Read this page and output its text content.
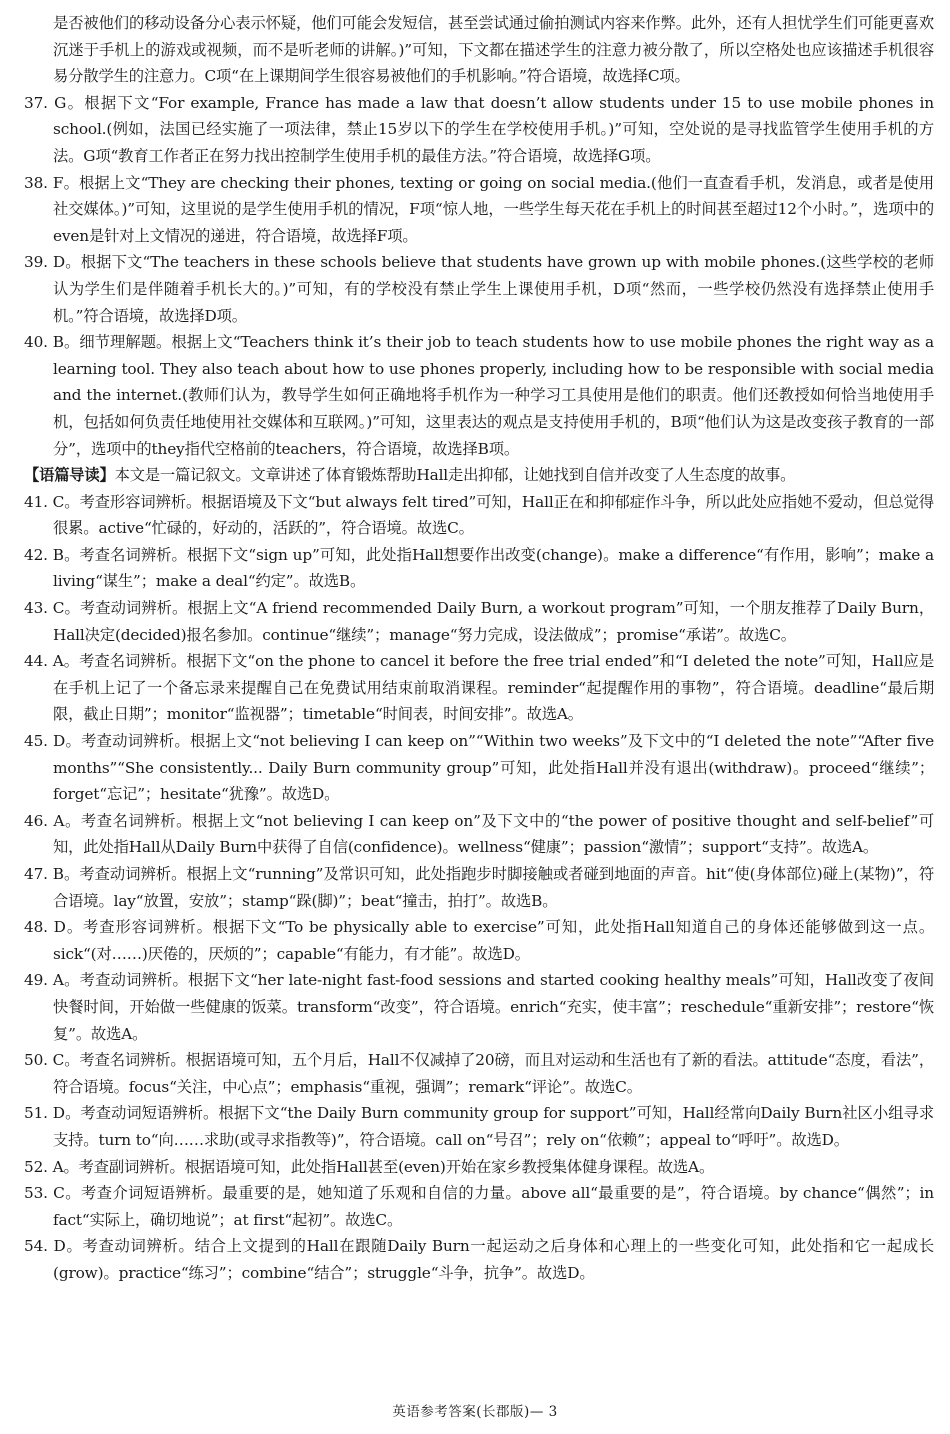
是否被他们的移动设备分心表示怀疑，他们可能会发短信，甚至尝试通过偷拍测试内容来作弊。此外，还有人担忧学生们可能更喜欢沉迷于手机上的游戏或视频，而不是听老师的讲解。)”可知，下文都在描述学生的注意力被分散了，所以空格处也应该描述手机很容易分散学生的注意力。C项“在上课期间学生很容易被他们的手机影响。”符合语境，故选择C项。
37. G。根据下文“For example, France has made a law that doesn’t allow students under 15 to use mobile phones in school.(例如，法国已经实施了一项法律，禁止15岁以下的学生在学校使用手机。)”可知，空处说的是寻找监管学生使用手机的方法。G项“教育工作者正在努力找出控制学生使用手机的最佳方法。”符合语境，故选择G项。
38. F。根据上文“They are checking their phones, texting or going on social media.(他们一直查看手机，发消息，或者是使用社交媒体。)”可知，这里说的是学生使用手机的情况，F项“惊人地，一些学生每天花在手机上的时间甚至超过12个小时。”，选项中的even是针对上文情况的递进，符合语境，故选择F项。
39. D。根据下文“The teachers in these schools believe that students have grown up with mobile phones.(这些学校的老师认为学生们是伴随着手机长大的。)”可知，有的学校没有禁止学生上课使用手机，D项“然而，一些学校仍然没有选择禁止使用手机。”符合语境，故选择D项。
40. B。细节理解题。根据上文“Teachers think it’s their job to teach students how to use mobile phones the right way as a learning tool. They also teach about how to use phones properly, including how to be responsible with social media and the internet.(教师们认为，教导学生如何正确地将手机作为一种学习工具使用是他们的职责。他们还教授如何恰当地使用手机，包括如何负责任地使用社交媒体和互联网。)”可知，这里表达的观点是支持使用手机的，B项“他们认为这是改变孩子教育的一部分”，选项中的they指代空格前的teachers，符合语境，故选择B项。
【语篇导读】本文是一篇记叙文。文章讲述了体育锻炼帮助Hall走出抑郁，让她找到自信并改变了人生态度的故事。
41. C。考查形容词辨析。根据语境及下文“but always felt tired”可知，Hall正在和抑郁症作斗争，所以此处应指她不爱动，但总觉得很累。active“忙碌的，好动的，活跃的”，符合语境。故选C。
42. B。考查名词辨析。根据下文“sign up”可知，此处指Hall想要作出改变(change)。make a difference“有作用，影响”；make a living“谋生”；make a deal“约定”。故选B。
43. C。考查动词辨析。根据上文“A friend recommended Daily Burn, a workout program”可知，一个朋友推荐了Daily Burn，Hall决定(decided)报名参加。continue“继续”；manage“努力完成，设法做成”；promise“承诺”。故选C。
44. A。考查名词辨析。根据下文“on the phone to cancel it before the free trial ended”和“I deleted the note”可知，Hall应是在手机上记了一个备忘录来提醒自己在免费试用结束前取消课程。reminder“起提醒作用的事物”，符合语境。deadline“最后期限，截止日期”；monitor“监视器”；timetable“时间表，时间安排”。故选A。
45. D。考查动词辨析。根据上文“not believing I can keep on”“Within two weeks”及下文中的“I deleted the note”“After five months”“She consistently... Daily Burn community group”可知，此处指Hall并没有退出(withdraw)。proceed“继续”；forget“忘记”；hesitate“犹豫”。故选D。
46. A。考查名词辨析。根据上文“not believing I can keep on”及下文中的“the power of positive thought and self-belief”可知，此处指Hall从Daily Burn中获得了自信(confidence)。wellness“健康”；passion“激情”；support“支持”。故选A。
47. B。考查动词辨析。根据上文“running”及常识可知，此处指跑步时脚接触或者碰到地面的声音。hit“使(身体部位)碰上(某物)”，符合语境。lay“放置，安放”；stamp“跺(脚)”；beat“撞击，拍打”。故选B。
48. D。考查形容词辨析。根据下文“To be physically able to exercise”可知，此处指Hall知道自己的身体还能够做到这一点。sick“(对……)厌倦的，厌烦的”；capable“有能力，有才能”。故选D。
49. A。考查动词辨析。根据下文“her late-night fast-food sessions and started cooking healthy meals”可知，Hall改变了夜间快餐时间，开始做一些健康的饭菜。transform“改变”，符合语境。enrich“充实，使丰富”；reschedule“重新安排”；restore“恢复”。故选A。
50. C。考查名词辨析。根据语境可知，五个月后，Hall不仅减掉了20磅，而且对运动和生活也有了新的看法。attitude“态度，看法”，符合语境。focus“关注，中心点”；emphasis“重视，强调”；remark“评论”。故选C。
51. D。考查动词短语辨析。根据下文“the Daily Burn community group for support”可知，Hall经常向Daily Burn社区小组寻求支持。turn to“向……求助(或寻求指教等)”，符合语境。call on“号召”；rely on“依赖”；appeal to“呼吁”。故选D。
52. A。考查副词辨析。根据语境可知，此处指Hall甚至(even)开始在家乡教授集体健身课程。故选A。
53. C。考查介词短语辨析。最重要的是，她知道了乐观和自信的力量。above all“最重要的是”，符合语境。by chance“偶然”；in fact“实际上，确切地说”；at first“起初”。故选C。
54. D。考查动词辨析。结合上文提到的Hall在跟随Daily Burn一起运动之后身体和心理上的一些变化可知，此处指和它一起成长(grow)。practice“练习”；combine“结合”；struggle“斗争，抗争”。故选D。
英语参考答案(长郡版)— 3
